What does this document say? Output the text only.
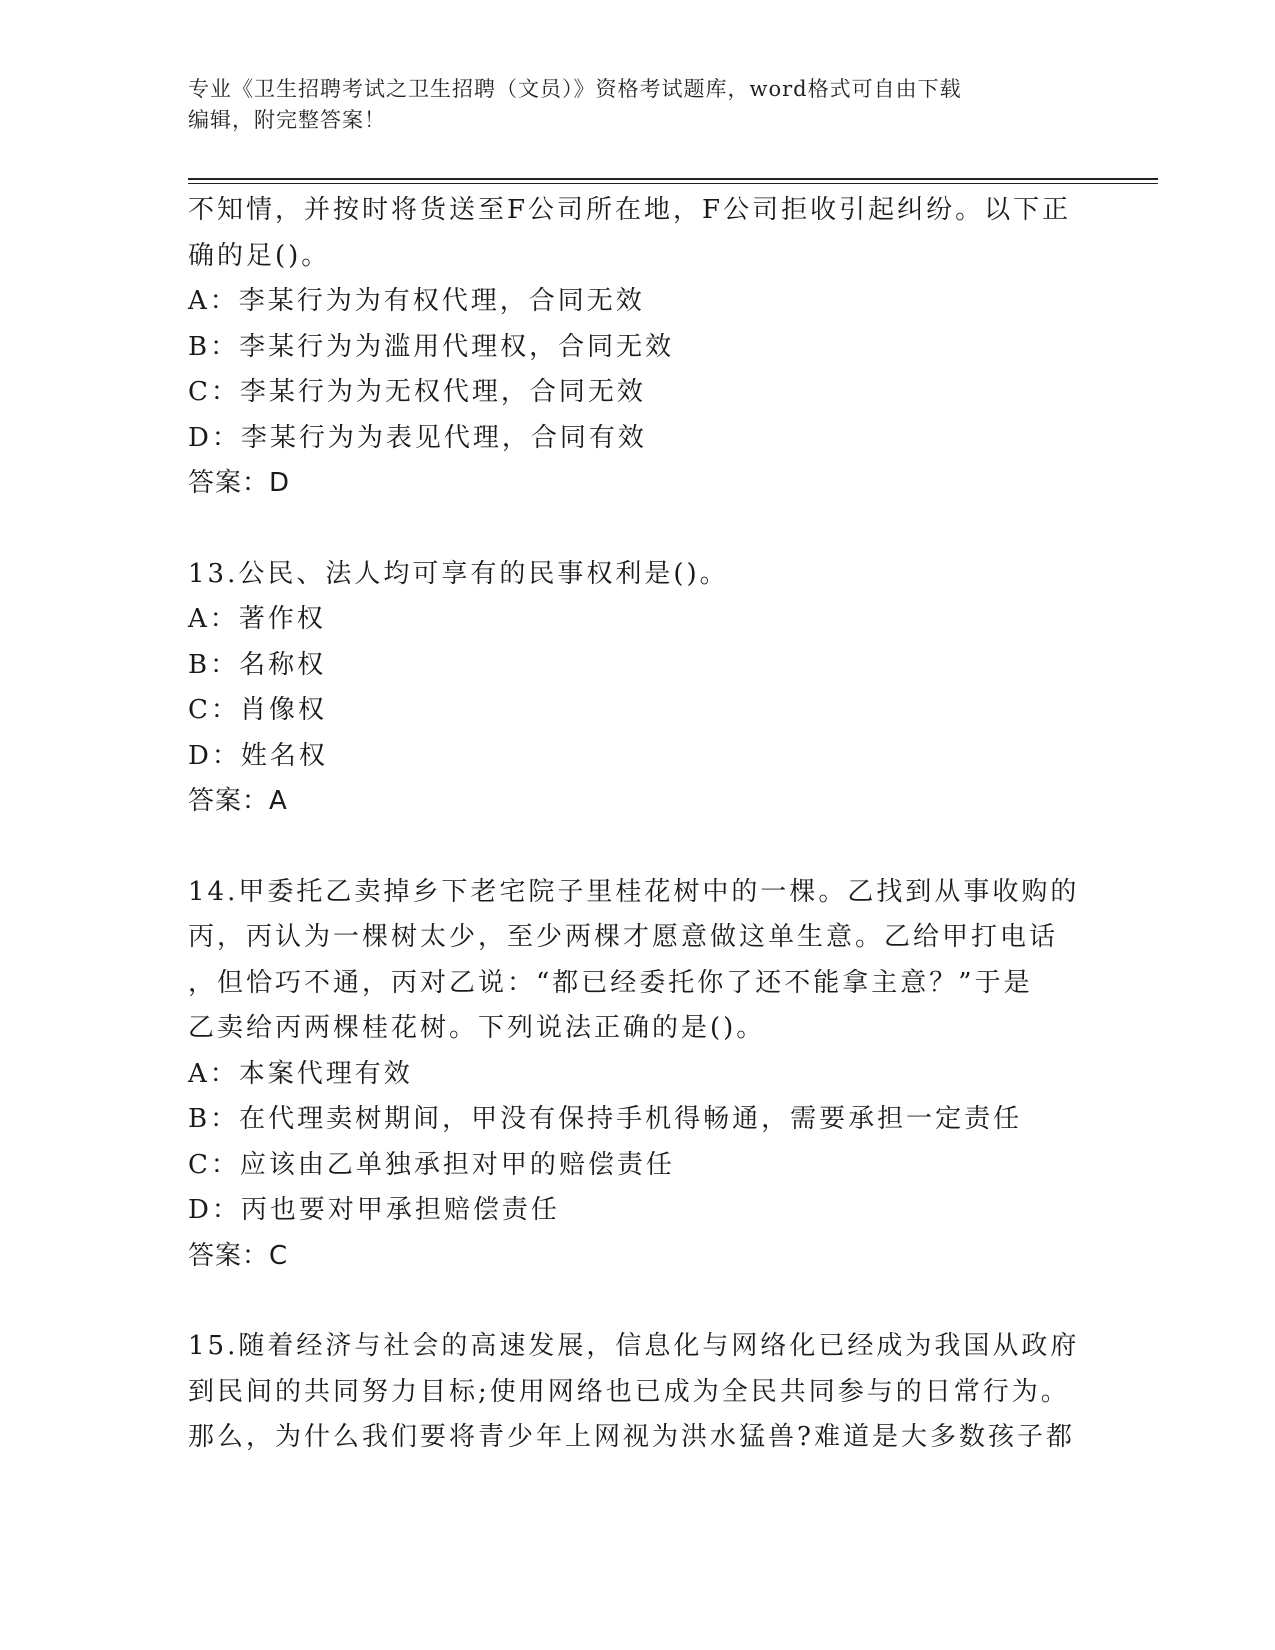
专业《卫生招聘考试之卫生招聘（文员）》资格考试题库，word格式可自由下载
编辑，附完整答案！
不知情，并按时将货送至F公司所在地，F公司拒收引起纠纷。以下正
确的足()。
A：李某行为为有权代理，合同无效
B：李某行为为滥用代理权，合同无效
C：李某行为为无权代理，合同无效
D：李某行为为表见代理，合同有效
答案：D
13.公民、法人均可享有的民事权利是()。
A：著作权
B：名称权
C：肖像权
D：姓名权
答案：A
14.甲委托乙卖掉乡下老宅院子里桂花树中的一棵。乙找到从事收购的
丙，丙认为一棵树太少，至少两棵才愿意做这单生意。乙给甲打电话
，但恰巧不通，丙对乙说：“都已经委托你了还不能拿主意？”于是
乙卖给丙两棵桂花树。下列说法正确的是()。
A：本案代理有效
B：在代理卖树期间，甲没有保持手机得畅通，需要承担一定责任
C：应该由乙单独承担对甲的赔偿责任
D：丙也要对甲承担赔偿责任
答案：C
15.随着经济与社会的高速发展，信息化与网络化已经成为我国从政府
到民间的共同努力目标;使用网络也已成为全民共同参与的日常行为。
那么，为什么我们要将青少年上网视为洪水猛兽?难道是大多数孩子都
